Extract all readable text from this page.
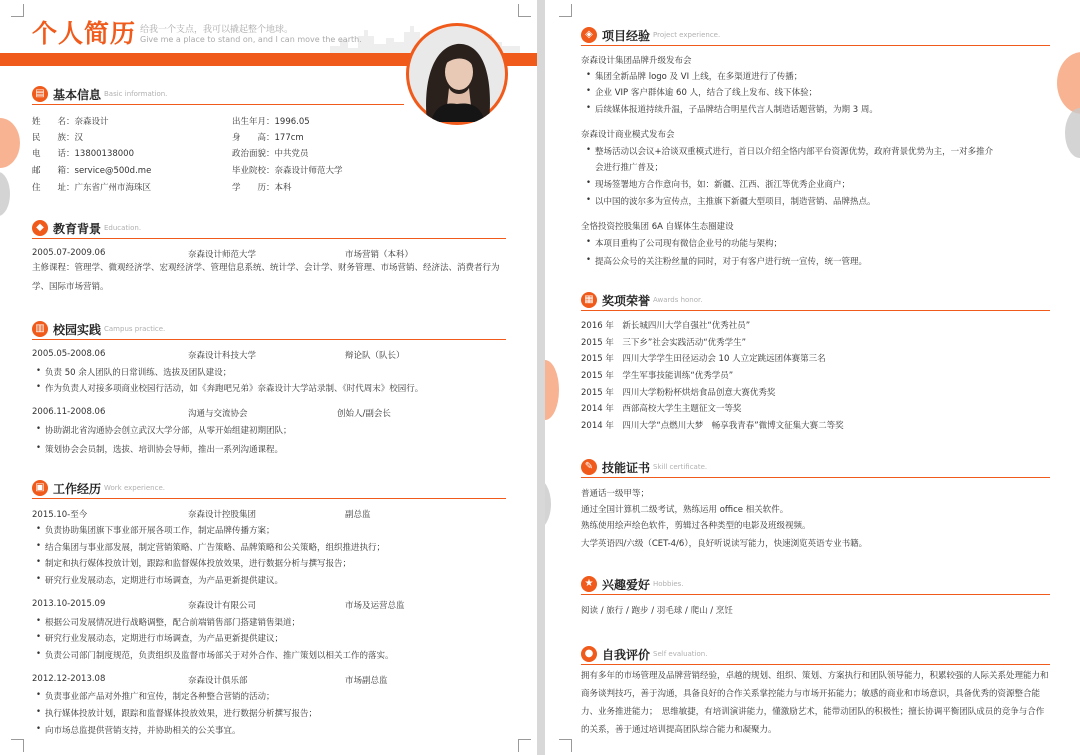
个人简历 给我一个支点，我可以撬起整个地球。
Give me a place to stand on, and I can move the earth.
▤ 基本信息 Basic information.
姓　　名：奈森设计	出生年月：1996.05
民　　族：汉	身　　高：177cm
电　　话：13800138000	政治面貌：中共党员
邮　　箱：service@500d.me	毕业院校：奈森设计师范大学
住　　址：广东省广州市海珠区	学　　历：本科
◆ 教育背景 Education.
2005.07-2009.06	奈森设计师范大学	市场营销（本科）
主修课程：管理学、微观经济学、宏观经济学、管理信息系统、统计学、会计学、财务管理、市场营销、经济法、消费者行为学、国际市场营销。
▥ 校园实践 Campus practice.
2005.05-2008.06	奈森设计科技大学	辩论队（队长）
• 负责 50 余人团队的日常训练、选拔及团队建设；
• 作为负责人对接多项商业校园行活动，如《奔跑吧兄弟》奈森设计大学站录制、《时代周末》校园行。
2006.11-2008.06	沟通与交流协会	创始人/副会长
• 协助湖北省沟通协会创立武汉大学分部，从零开始组建初期团队；
• 策划协会会员制，选拔、培训协会导师，推出一系列沟通课程。
▣ 工作经历 Work experience.
2015.10-至今	奈森设计控股集团	副总监
• 负责协助集团旗下事业部开展各项工作，制定品牌传播方案；
• 结合集团与事业部发展，制定营销策略、广告策略、品牌策略和公关策略，组织推进执行；
• 制定和执行媒体投放计划，跟踪和监督媒体投放效果，进行数据分析与撰写报告；
• 研究行业发展动态，定期进行市场调查，为产品更新提供建议。
2013.10-2015.09	奈森设计有限公司	市场及运营总监
• 根据公司发展情况进行战略调整，配合前端销售部门搭建销售渠道；
• 研究行业发展动态，定期进行市场调查，为产品更新提供建议；
• 负责公司部门制度规范，负责组织及监督市场部关于对外合作、推广策划以相关工作的落实。
2012.12-2013.08	奈森设计俱乐部	市场副总监
• 负责事业部产品对外推广和宣传，制定各种整合营销的活动；
• 执行媒体投放计划，跟踪和监督媒体投放效果，进行数据分析撰写报告；
• 向市场总监提供营销支持，并协助相关的公关事宜。
◈ 项目经验 Project experience.
奈森设计集团品牌升级发布会
• 集团全新品牌 logo 及 VI 上线，在多渠道进行了传播；
• 企业 VIP 客户群体逾 60 人，结合了线上发布、线下体验；
• 后续媒体报道持续升温，子品牌结合明星代言人制造话题营销，为期 3 周。
奈森设计商业模式发布会
• 整场活动以会议+洽谈双重模式进行，首日以介绍全恪内部平台资源优势，政府背景优势为主，一对多推介
会进行推广普及；
• 现场签署地方合作意向书，如：新疆、江西、浙江等优秀企业商户；
• 以中国的波尔多为宣传点，主推旗下新疆大型项目，制造营销、品牌热点。
全恪投资控股集团 6A 自媒体生态圈建设
• 本项目重构了公司现有微信企业号的功能与架构；
• 提高公众号的关注粉丝量的同时，对于有客户进行统一宣传，统一管理。
▦ 奖项荣誉 Awards honor.
2016 年　 新长城四川大学自强社“优秀社员”
2015 年　 三下乡”社会实践活动“优秀学生”
2015 年　 四川大学学生田径运动会 10 人立定跳远团体赛第三名
2015 年　 学生军事技能训练“优秀学员”
2015 年　 四川大学粉粉杯烘焙食品创意大赛优秀奖
2014 年　 西部高校大学生主题征文一等奖
2014 年　 四川大学“点燃川大梦　畅享我青春”微博文征集大赛二等奖
✎ 技能证书 Skill certificate.
普通话一级甲等；
通过全国计算机二级考试，熟练运用 office 相关软件。
熟练使用绘声绘色软件，剪辑过各种类型的电影及班级视频。
大学英语四/六级（CET-4/6），良好听说读写能力，快速浏览英语专业书籍。
★ 兴趣爱好 Hobbies.
阅读 / 旅行 / 跑步 / 羽毛球 / 爬山 / 烹饪
● 自我评价 Self evaluation.
拥有多年的市场管理及品牌营销经验，卓越的规划、组织、策划、方案执行和团队领导能力，积累较强的人际关系处理能力和商务谈判技巧，善于沟通，具备良好的合作关系掌控能力与市场开拓能力；敏感的商业和市场意识，具备优秀的资源整合能力、业务推进能力；　思维敏捷，有培训演讲能力，懂激励艺术，能带动团队的积极性；擅长协调平衡团队成员的竞争与合作的关系，善于通过培训提高团队综合能力和凝聚力。
